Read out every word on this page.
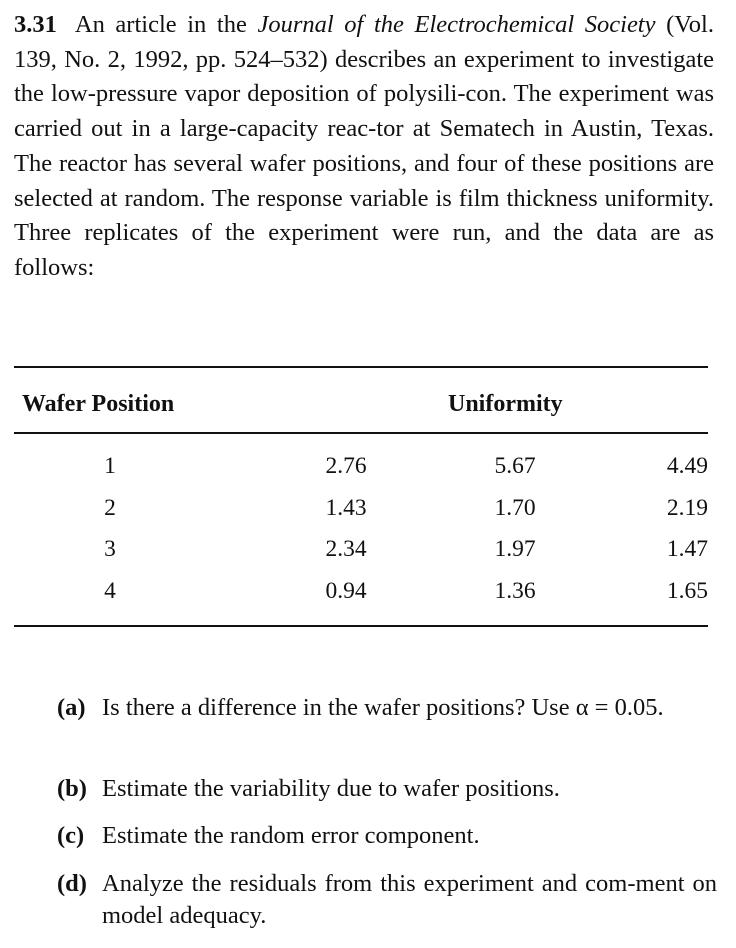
3.31 An article in the Journal of the Electrochemical Society (Vol. 139, No. 2, 1992, pp. 524–532) describes an experiment to investigate the low-pressure vapor deposition of polysili-con. The experiment was carried out in a large-capacity reac-tor at Sematech in Austin, Texas. The reactor has several wafer positions, and four of these positions are selected at random. The response variable is film thickness uniformity. Three replicates of the experiment were run, and the data are as follows:
Wafer Position	Uniformity
1	2.76	5.67	4.49
2	1.43	1.70	2.19
3	2.34	1.97	1.47
4	0.94	1.36	1.65
(a) Is there a difference in the wafer positions? Use α = 0.05.
(b) Estimate the variability due to wafer positions.
(c) Estimate the random error component.
(d) Analyze the residuals from this experiment and com-ment on model adequacy.
